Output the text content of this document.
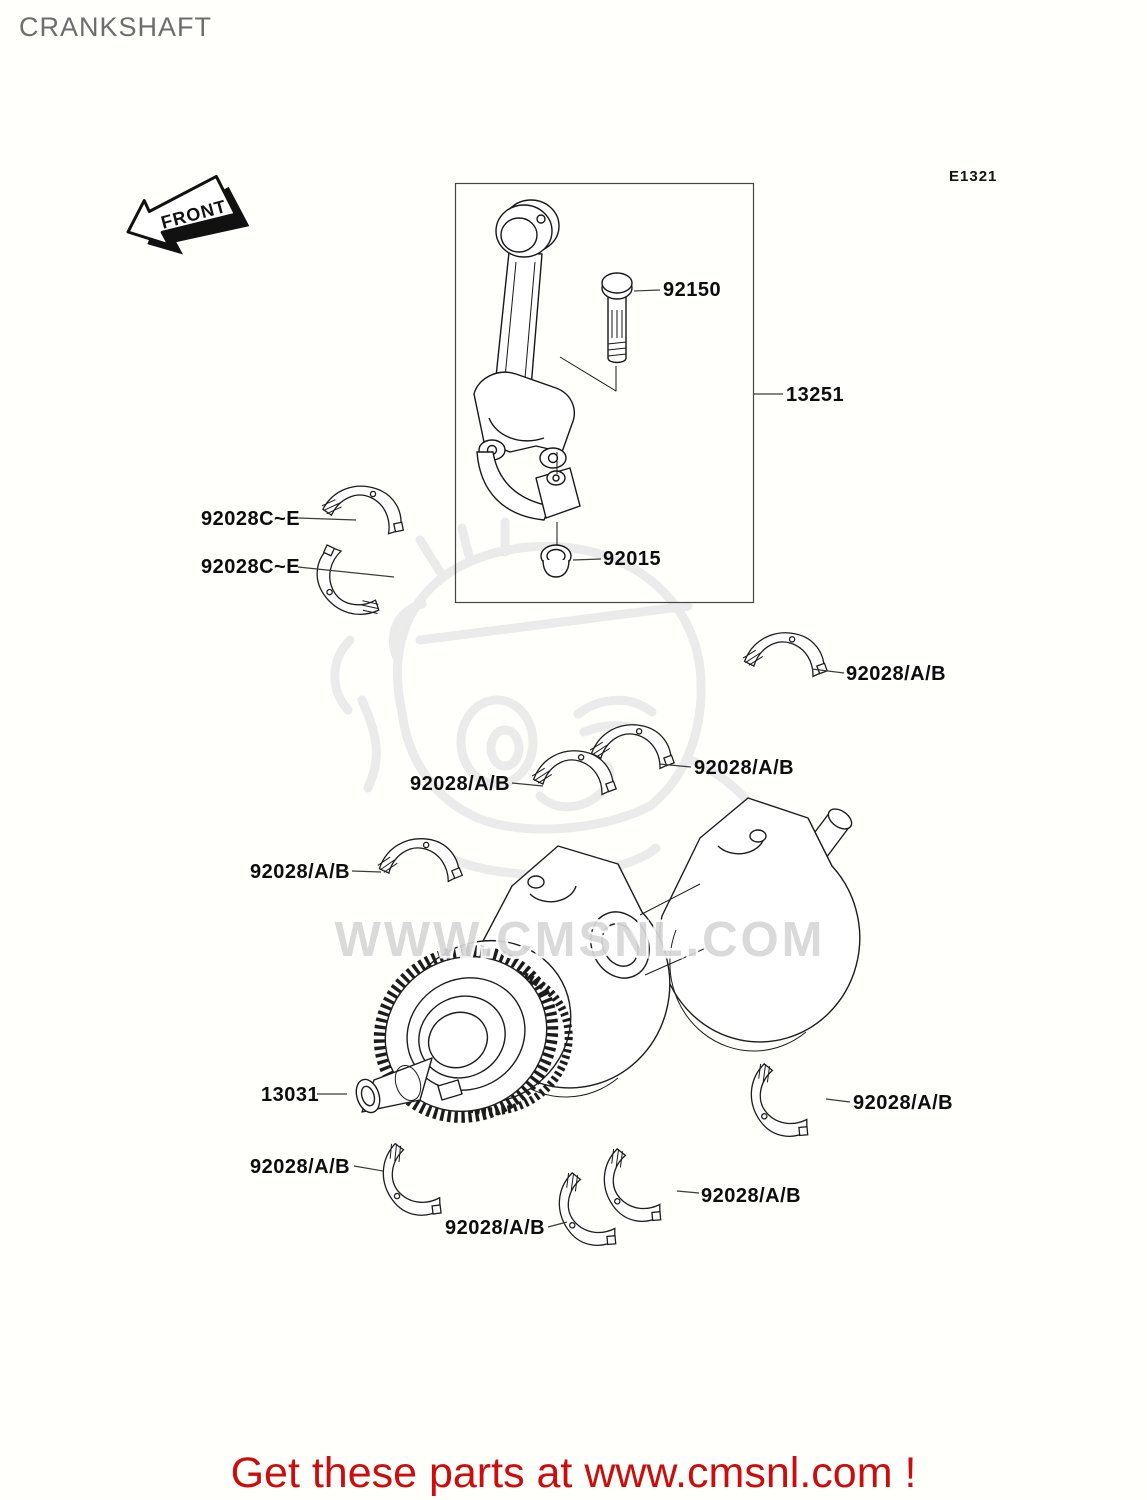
CRANKSHAFT
E1321
WWW.CMSNL.COM
FRONT
92150
13251
92015
92028C~E
92028C~E
92028/A/B
92028/A/B
92028/A/B
92028/A/B
13031
92028/A/B
92028/A/B
92028/A/B
92028/A/B
Get these parts at www.cmsnl.com !
